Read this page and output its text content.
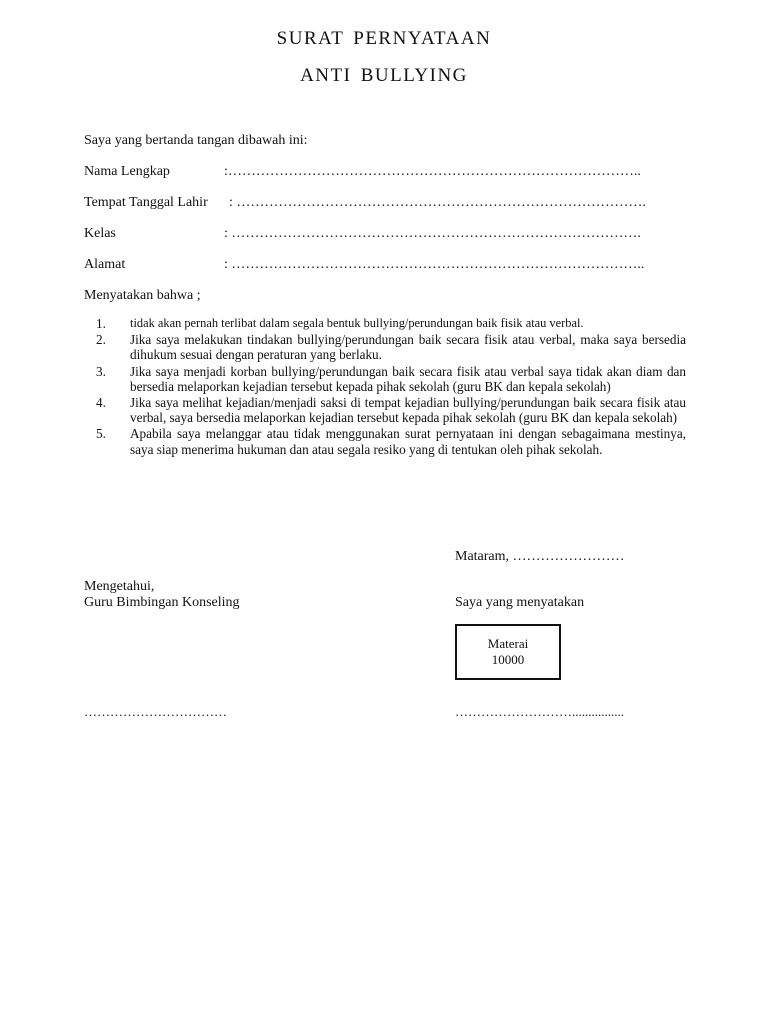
SURAT PERNYATAAN
ANTI BULLYING
Saya yang bertanda tangan dibawah ini:
Nama Lengkap	:……………………………………………………………………………..
Tempat Tanggal Lahir : …………………………………………………………………………….
Kelas	: …………………………………………………………………………….
Alamat	: ……………………………………………………………………………..
Menyatakan bahwa ;
1.	tidak akan pernah terlibat dalam segala bentuk bullying/perundungan baik fisik atau verbal.
2.	Jika saya melakukan tindakan bullying/perundungan baik secara fisik atau verbal, maka saya bersedia dihukum sesuai dengan peraturan yang berlaku.
3.	Jika saya menjadi korban bullying/perundungan baik secara fisik atau verbal saya tidak akan diam dan bersedia melaporkan kejadian tersebut kepada pihak sekolah (guru BK dan kepala sekolah)
4.	Jika saya melihat kejadian/menjadi saksi di tempat kejadian bullying/perundungan baik secara fisik atau verbal, saya bersedia melaporkan kejadian tersebut kepada pihak sekolah (guru BK dan kepala sekolah)
5.	Apabila saya melanggar atau tidak menggunakan surat pernyataan ini dengan sebagaimana mestinya, saya siap menerima hukuman dan atau segala resiko yang di tentukan oleh pihak sekolah.
Mataram, ……………………
Mengetahui,
Guru Bimbingan Konseling	Saya yang menyatakan
Materai
10000
……………………………	………………………................
